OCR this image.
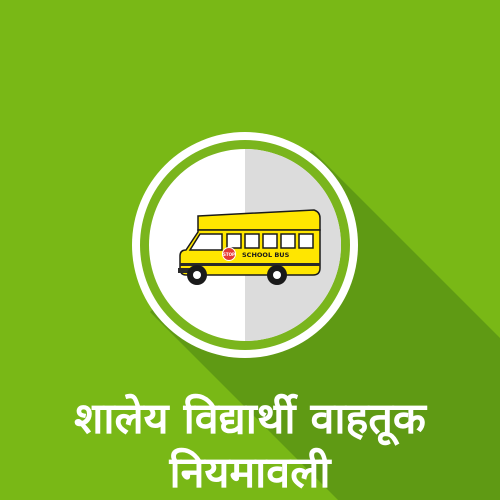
STOP SCHOOL BUS
शालेय विद्यार्थी वाहतूक
नियमावली
